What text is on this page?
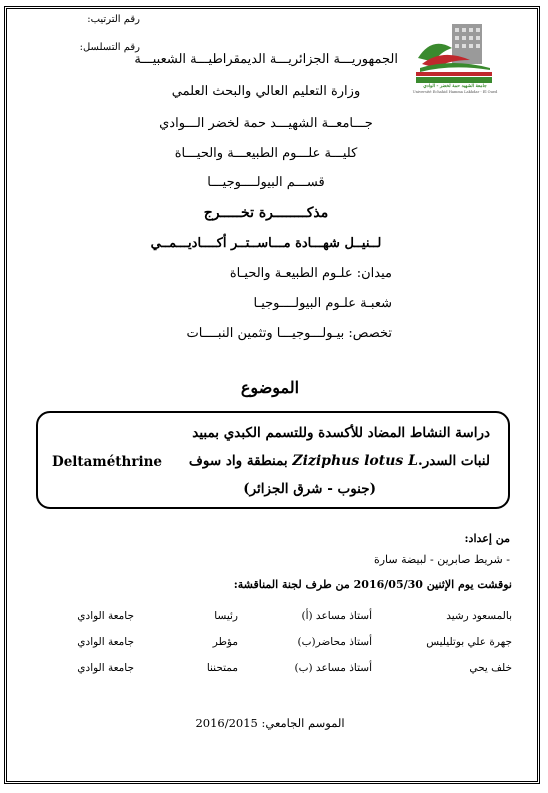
رقم الترتيب:
رقم التسلسل:
جامعة الشهيد حمة لخضر - الوادي
Université Echahid Hamma Lakhdar - El Oued
الجمهوريـــة الجزائريـــة الديمقراطيـــة الشعبيـــة
وزارة التعليم العالي والبحث العلمي
جـــامعــة الشهيـــد حمة لخضر الـــوادي
كليـــة علـــوم الطبيعـــة والحيـــاة
قســـم البيولــــوجيـــا
مذكــــــــرة تخـــــرج
لــنيــل شهـــادة مـــاســتــر أكــــاديـــمــي
ميدان: علـوم الطبيعـة والحيـاة
شعبـة علـوم البيولــــوجيـا
تخصص: بيـولـــوجيـــا وتثمين النبــــات
الموضوع
دراسة النشاط المضاد للأكسدة وللتسمم الكبدي بمبيد
لنبات السدر.Ziziphus lotus L بمنطقة واد سوف
Deltaméthrine
(جنوب - شرق الجزائر)
من إعداد:
- شريط صابرين - لبيضة سارة
نوقشت يوم الإثنين 2016/05/30 من طرف لجنة المناقشة:
بالمسعود رشيد
أستاذ مساعد (أ)
رئيسا
جامعة الوادي
جهرة علي بوتليليس
أستاذ محاضر(ب)
مؤطر
جامعة الوادي
خلف يحي
أستاذ مساعد (ب)
ممتحننا
جامعة الوادي
الموسم الجامعي: 2016/2015
